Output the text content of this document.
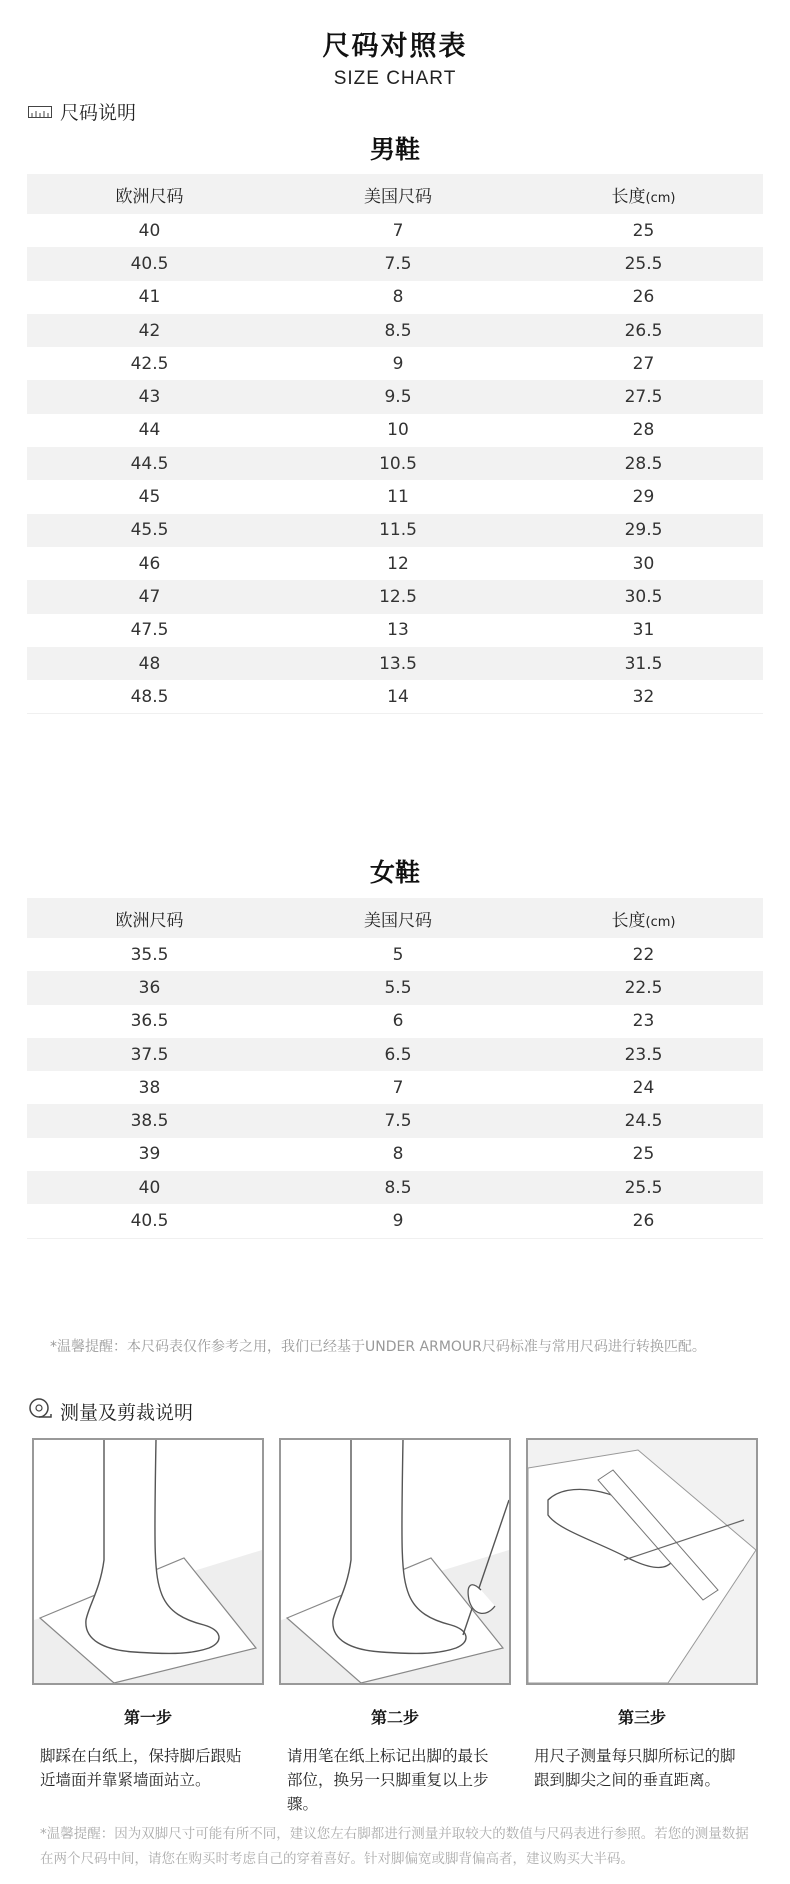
尺码对照表
SIZE CHART
尺码说明
男鞋
欧洲尺码	美国尺码	长度(cm)
40	7	25
40.5	7.5	25.5
41	8	26
42	8.5	26.5
42.5	9	27
43	9.5	27.5
44	10	28
44.5	10.5	28.5
45	11	29
45.5	11.5	29.5
46	12	30
47	12.5	30.5
47.5	13	31
48	13.5	31.5
48.5	14	32
女鞋
欧洲尺码	美国尺码	长度(cm)
35.5	5	22
36	5.5	22.5
36.5	6	23
37.5	6.5	23.5
38	7	24
38.5	7.5	24.5
39	8	25
40	8.5	25.5
40.5	9	26
*温馨提醒：本尺码表仅作参考之用，我们已经基于UNDER ARMOUR尺码标准与常用尺码进行转换匹配。
测量及剪裁说明
第一步
脚踩在白纸上，保持脚后跟贴近墙面并靠紧墙面站立。
第二步
请用笔在纸上标记出脚的最长部位，换另一只脚重复以上步骤。
第三步
用尺子测量每只脚所标记的脚跟到脚尖之间的垂直距离。
*温馨提醒：因为双脚尺寸可能有所不同，建议您左右脚都进行测量并取较大的数值与尺码表进行参照。若您的测量数据在两个尺码中间，请您在购买时考虑自己的穿着喜好。针对脚偏宽或脚背偏高者，建议购买大半码。
